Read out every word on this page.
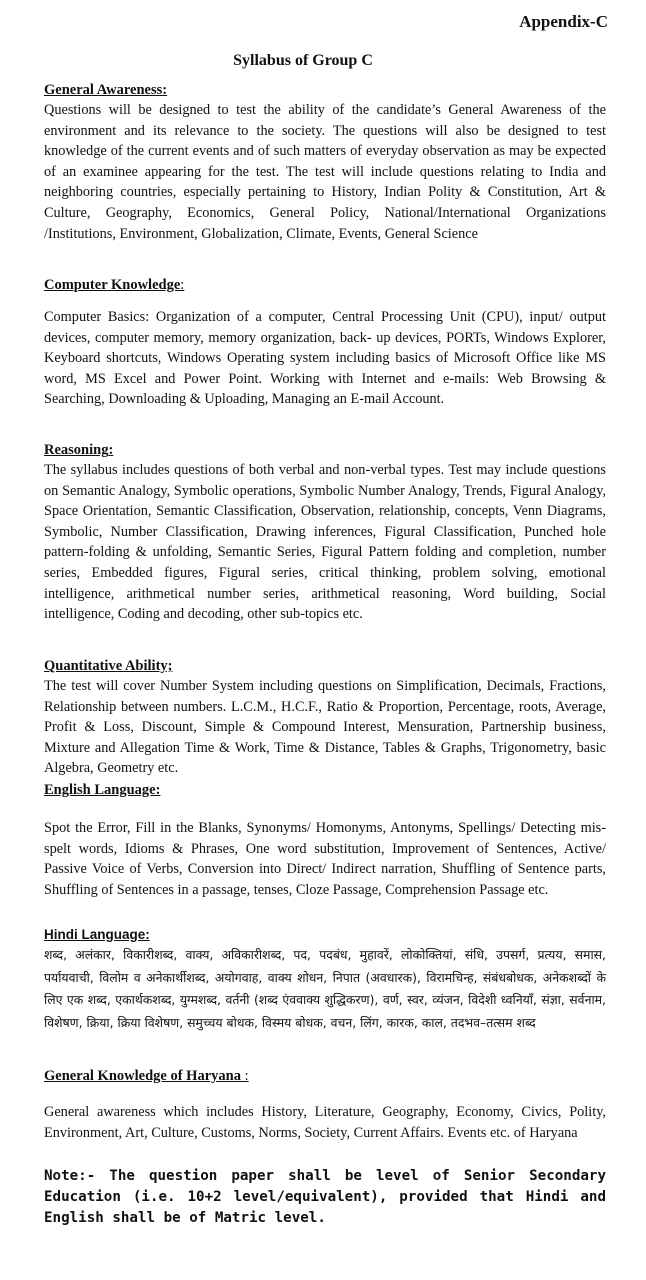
Appendix-C
Syllabus of Group C

General Awareness:

Questions will be designed to test the ability of the candidate’s General Awareness of the environment and its relevance to the society. The questions will also be designed to test knowledge of the current events and of such matters of everyday observation as may be expected of an examinee appearing for the test. The test will include questions relating to India and neighboring countries, especially pertaining to History, Indian Polity & Constitution, Art & Culture, Geography, Economics, General Policy, National/International Organizations /Institutions, Environment, Globalization, Climate, Events, General Science

Computer Knowledge:

Computer Basics: Organization of a computer, Central Processing Unit (CPU), input/ output devices, computer memory, memory organization, back- up devices, PORTs, Windows Explorer, Keyboard shortcuts, Windows Operating system including basics of Microsoft Office like MS word, MS Excel and Power Point. Working with Internet and e-mails: Web Browsing & Searching, Downloading & Uploading, Managing an E-mail Account.

Reasoning:

The syllabus includes questions of both verbal and non-verbal types. Test may include questions on Semantic Analogy, Symbolic operations, Symbolic Number Analogy, Trends, Figural Analogy, Space Orientation, Semantic Classification, Observation, relationship, concepts, Venn Diagrams, Symbolic, Number Classification, Drawing inferences, Figural Classification, Punched hole pattern-folding & unfolding, Semantic Series, Figural Pattern folding and completion, number series, Embedded figures, Figural series, critical thinking, problem solving, emotional intelligence, arithmetical number series, arithmetical reasoning, Word building, Social intelligence, Coding and decoding, other sub-topics etc.

Quantitative Ability;

The test will cover Number System including questions on Simplification, Decimals, Fractions, Relationship between numbers. L.C.M., H.C.F., Ratio & Proportion, Percentage, roots, Average, Profit & Loss, Discount, Simple & Compound Interest, Mensuration, Partnership business, Mixture and Allegation Time & Work, Time & Distance, Tables & Graphs, Trigonometry, basic Algebra, Geometry etc.

English Language:

Spot the Error, Fill in the Blanks, Synonyms/ Homonyms, Antonyms, Spellings/ Detecting mis-spelt words, Idioms & Phrases, One word substitution, Improvement of Sentences, Active/ Passive Voice of Verbs, Conversion into Direct/ Indirect narration, Shuffling of Sentence parts, Shuffling of Sentences in a passage, tenses, Cloze Passage, Comprehension Passage etc.

Hindi Language:

शब्द, अलंकार, विकारीशब्द, वाक्य, अविकारीशब्द, पद, पदबंध, मुहावरें, लोकोक्तियां, संधि, उपसर्ग, प्रत्यय, समास, पर्यायवाची, विलोम व अनेकार्थीशब्द, अयोगवाह, वाक्य शोधन, निपात (अवधारक), विरामचिन्ह, संबंधबोधक, अनेकशब्दों के लिए एक शब्द, एकार्थकशब्द, युग्मशब्द, वर्तनी (शब्द एंववाक्य शुद्धिकरण), वर्ण, स्वर, व्यंजन, विदेशी ध्वनियाँ, संज्ञा, सर्वनाम, विशेषण, क्रिया, क्रिया विशेषण, समुच्चय बोधक, विस्मय बोधक, वचन, लिंग, कारक, काल, तदभव–तत्सम शब्द

General Knowledge of Haryana :

General awareness which includes History, Literature, Geography, Economy, Civics, Polity, Environment, Art, Culture, Customs, Norms, Society, Current Affairs. Events etc. of Haryana

Note:- The question paper shall be level of Senior Secondary Education (i.e. 10+2 level/equivalent), provided that Hindi and English shall be of Matric level.
